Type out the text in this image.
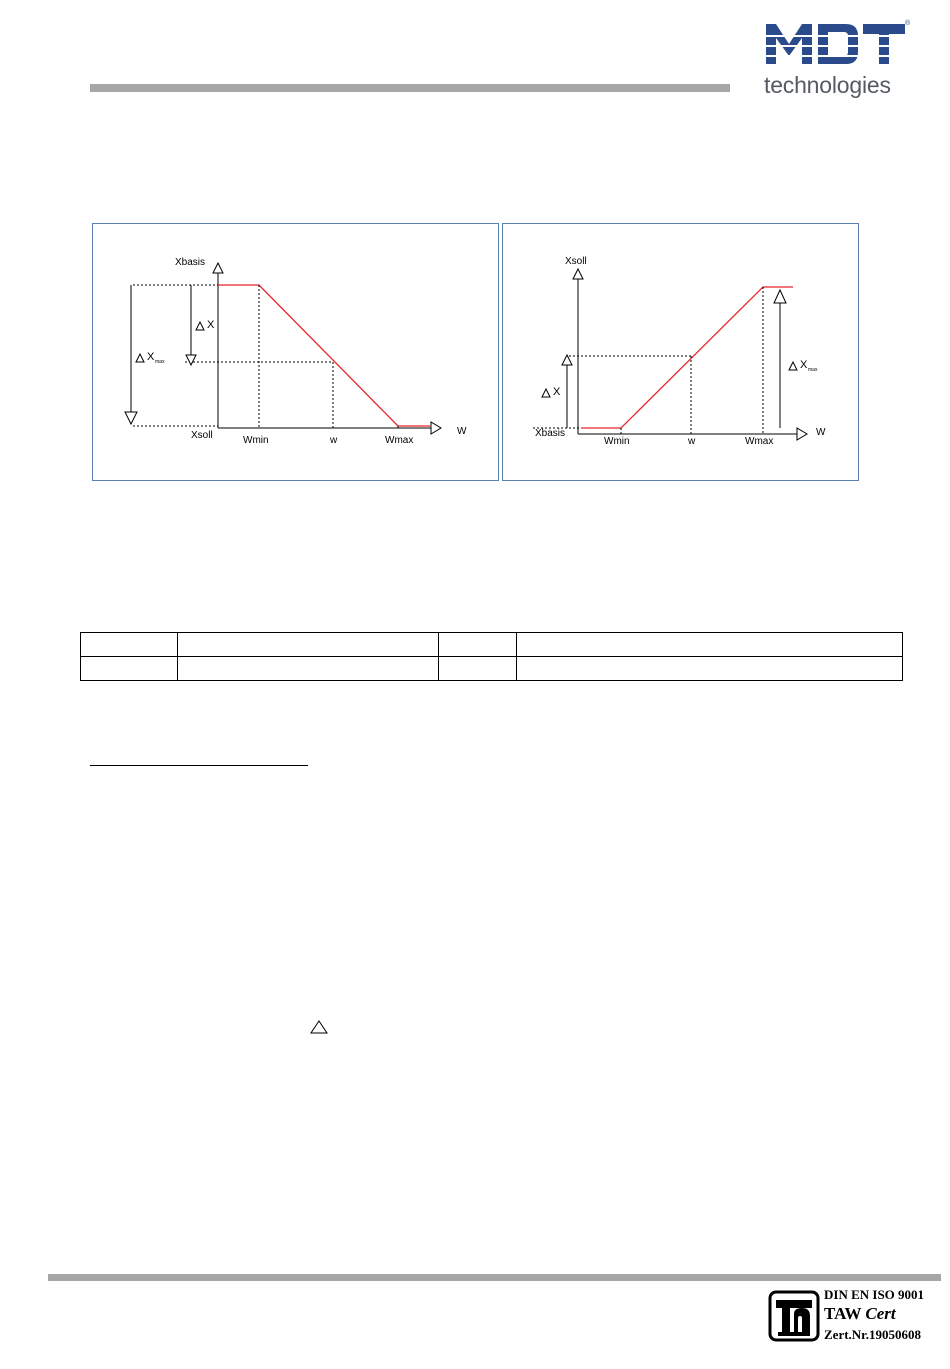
®
technologies
Xbasis
Xsoll	W
Wmin	w	Wmax
X
X max
Xsoll
Xbasis	W
Wmin	w	Wmax
X
X max

DIN EN ISO 9001
TAW Cert
Zert.Nr.19050608
